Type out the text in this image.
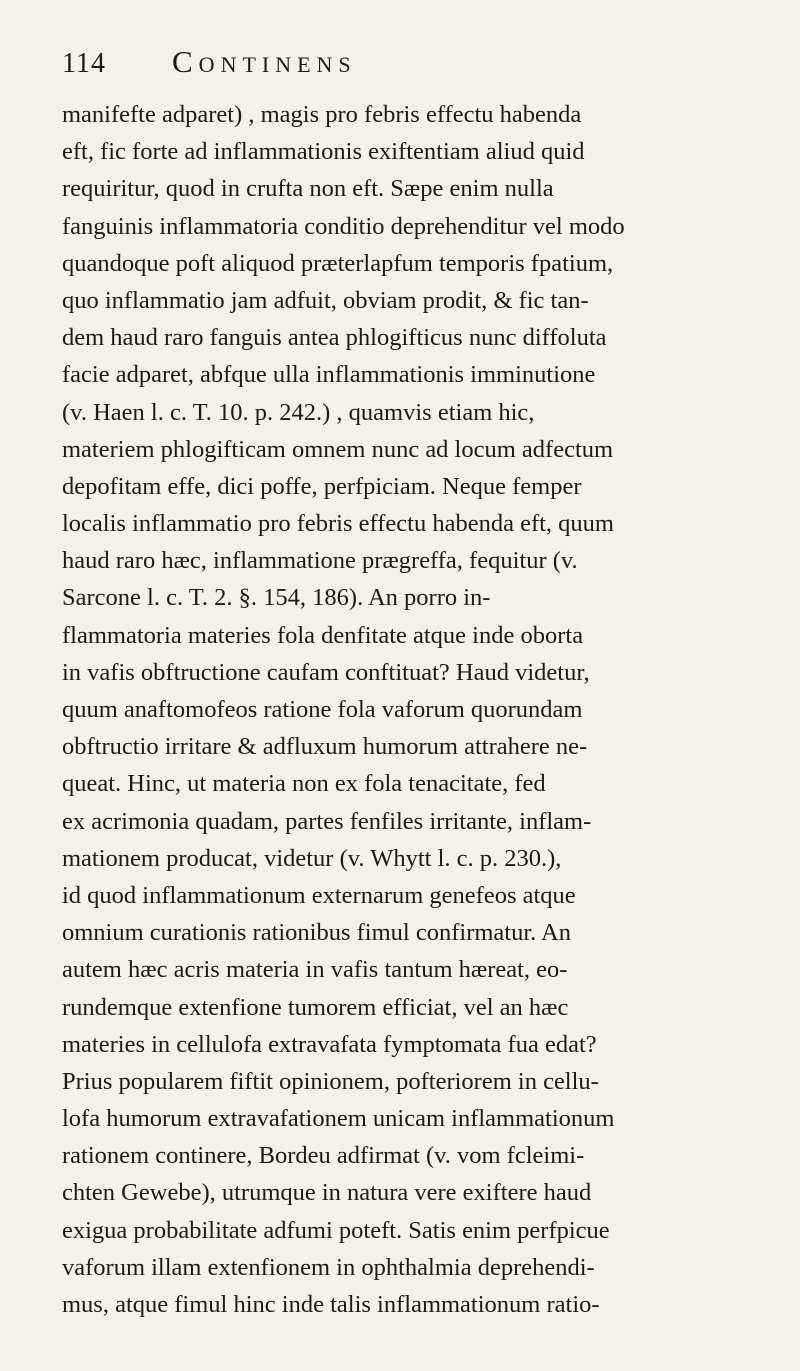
114 Continens
manifefte adparet) , magis pro febris effectu habenda
eft, fic forte ad inflammationis exiftentiam aliud quid
requiritur, quod in crufta non eft. Sæpe enim nulla
fanguinis inflammatoria conditio deprehenditur vel modo
quandoque poft aliquod præterlapfum temporis fpatium,
quo inflammatio jam adfuit, obviam prodit, & fic tan-
dem haud raro fanguis antea phlogifticus nunc diffoluta
facie adparet, abfque ulla inflammationis imminutione
(v. Haen l. c. T. 10. p. 242.) , quamvis etiam hic,
materiem phlogifticam omnem nunc ad locum adfectum
depofitam effe, dici poffe, perfpiciam. Neque femper
localis inflammatio pro febris effectu habenda eft, quum
haud raro hæc, inflammatione prægreffa, fequitur (v.
Sarcone l. c. T. 2. §. 154, 186). An porro in-
flammatoria materies fola denfitate atque inde oborta
in vafis obftructione caufam conftituat? Haud videtur,
quum anaftomofeos ratione fola vaforum quorundam
obftructio irritare & adfluxum humorum attrahere ne-
queat. Hinc, ut materia non ex fola tenacitate, fed
ex acrimonia quadam, partes fenfiles irritante, inflam-
mationem producat, videtur (v. Whytt l. c. p. 230.),
id quod inflammationum externarum genefeos atque
omnium curationis rationibus fimul confirmatur. An
autem hæc acris materia in vafis tantum hæreat, eo-
rundemque extenfione tumorem efficiat, vel an hæc
materies in cellulofa extravafata fymptomata fua edat?
Prius popularem fiftit opinionem, pofteriorem in cellu-
lofa humorum extravafationem unicam inflammationum
rationem continere, Bordeu adfirmat (v. vom fcleimi-
chten Gewebe), utrumque in natura vere exiftere haud
exigua probabilitate adfumi poteft. Satis enim perfpicue
vaforum illam extenfionem in ophthalmia deprehendi-
mus, atque fimul hinc inde talis inflammationum ratio-
